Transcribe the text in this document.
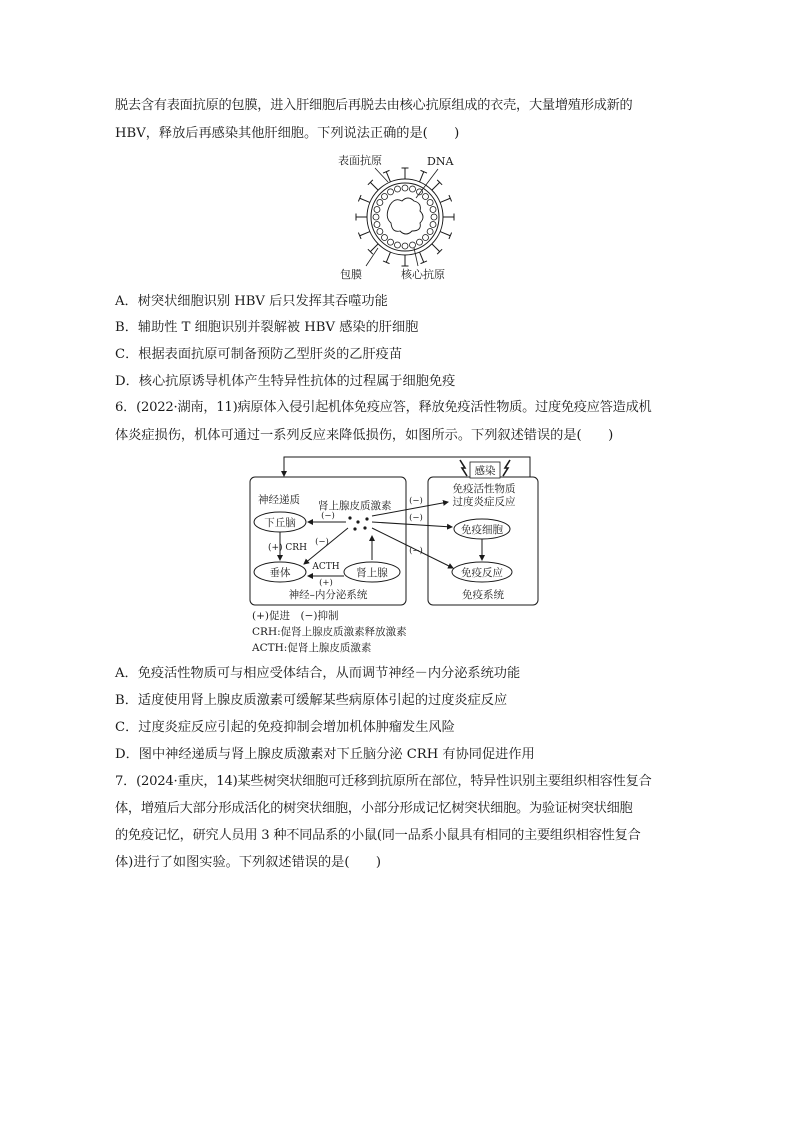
脱去含有表面抗原的包膜，进入肝细胞后再脱去由核心抗原组成的衣壳，大量增殖形成新的
HBV，释放后再感染其他肝细胞。下列说法正确的是(　　)
表面抗原	DNA
包膜	核心抗原
A．树突状细胞识别 HBV 后只发挥其吞噬功能
B．辅助性 T 细胞识别并裂解被 HBV 感染的肝细胞
C．根据表面抗原可制备预防乙型肝炎的乙肝疫苗
D．核心抗原诱导机体产生特异性抗体的过程属于细胞免疫
6．(2022·湖南，11)病原体入侵引起机体免疫应答，释放免疫活性物质。过度免疫应答造成机
体炎症损伤，机体可通过一系列反应来降低损伤，如图所示。下列叙述错误的是(　　)
感染
神经递质 肾上腺皮质激素
下丘脑
垂体	肾上腺
(+) CRH
ACTH
(+)
(−)
(−)
免疫活性物质
过度炎症反应
免疫细胞
免疫反应
(−)
(−)
(−)
神经–内分泌系统	免疫系统
(+)促进　(−)抑制
CRH:促肾上腺皮质激素释放激素
ACTH:促肾上腺皮质激素
A．免疫活性物质可与相应受体结合，从而调节神经－内分泌系统功能
B．适度使用肾上腺皮质激素可缓解某些病原体引起的过度炎症反应
C．过度炎症反应引起的免疫抑制会增加机体肿瘤发生风险
D．图中神经递质与肾上腺皮质激素对下丘脑分泌 CRH 有协同促进作用
7．(2024·重庆，14)某些树突状细胞可迁移到抗原所在部位，特异性识别主要组织相容性复合
体，增殖后大部分形成活化的树突状细胞，小部分形成记忆树突状细胞。为验证树突状细胞
的免疫记忆，研究人员用 3 种不同品系的小鼠(同一品系小鼠具有相同的主要组织相容性复合
体)进行了如图实验。下列叙述错误的是(　　)
